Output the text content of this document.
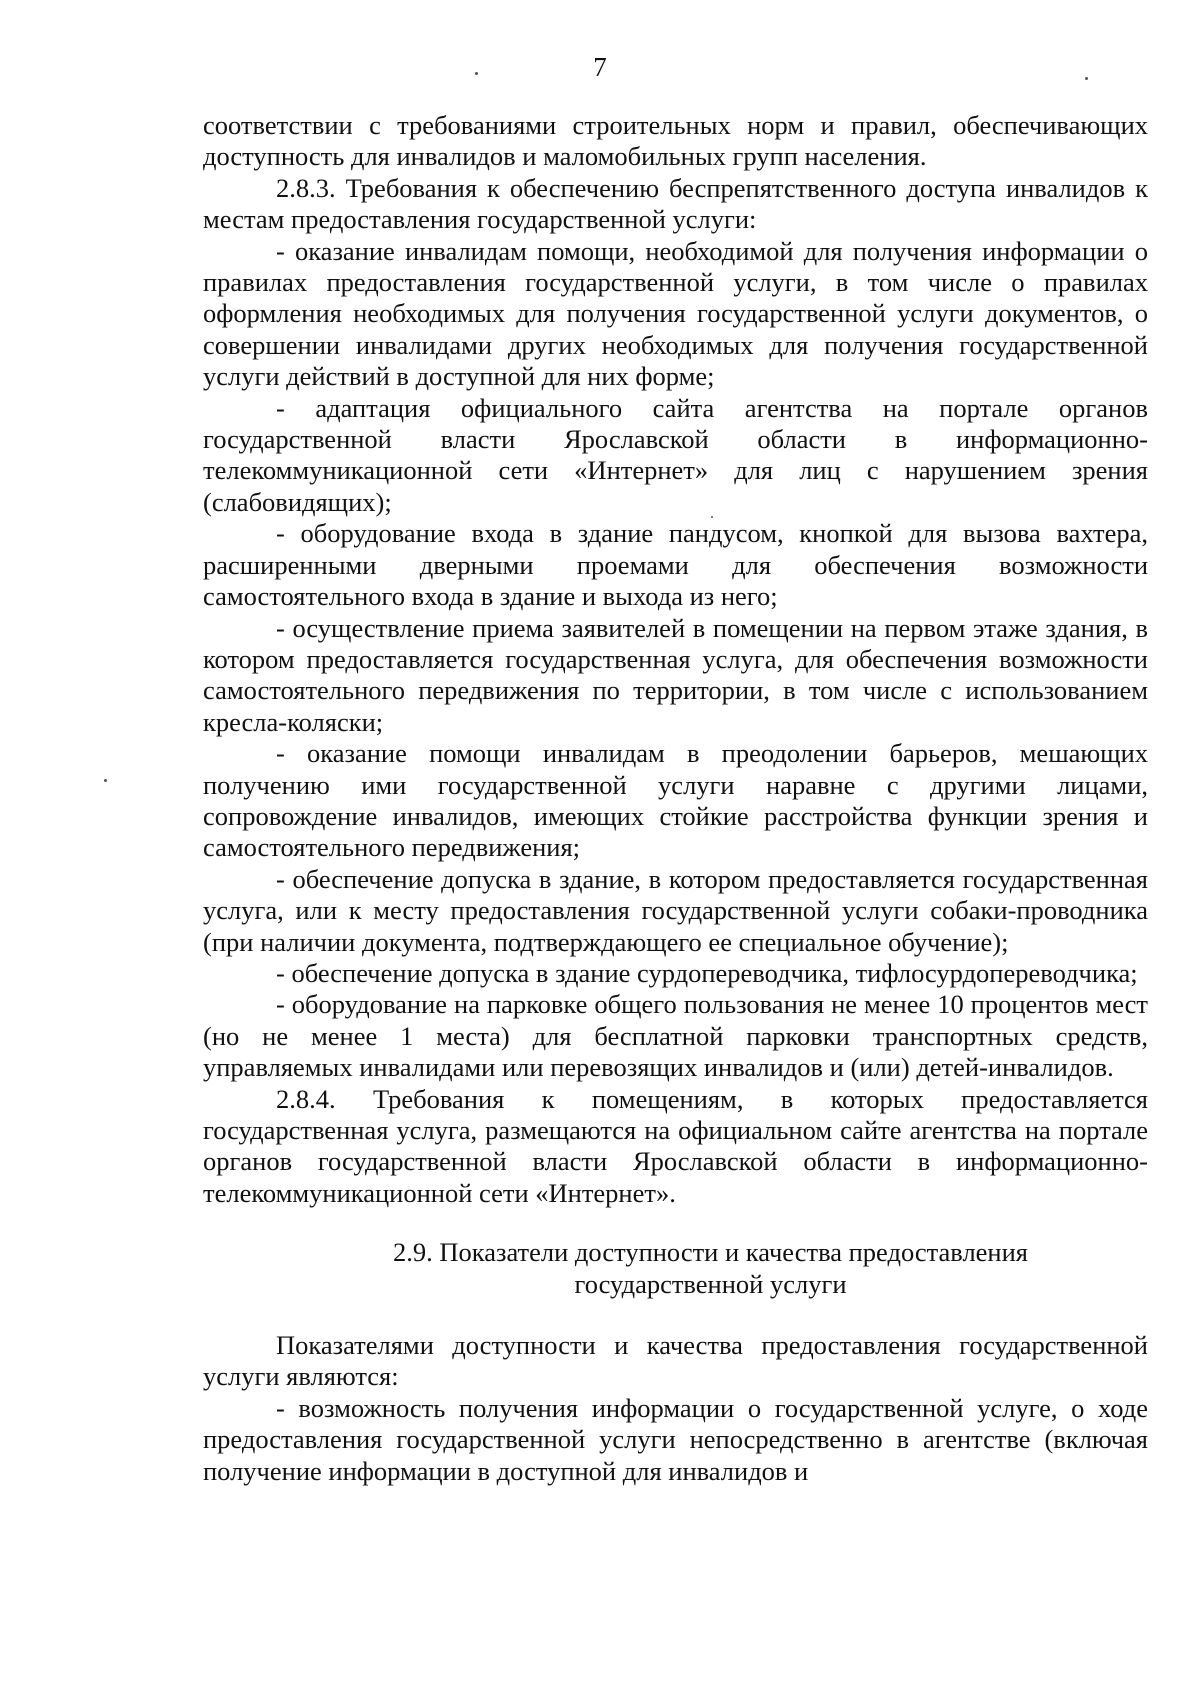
7

соответствии с требованиями строительных норм и правил, обеспечивающих доступность для инвалидов и маломобильных групп населения.

2.8.3. Требования к обеспечению беспрепятственного доступа инвалидов к местам предоставления государственной услуги:

- оказание инвалидам помощи, необходимой для получения информации о правилах предоставления государственной услуги, в том числе о правилах оформления необходимых для получения государственной услуги документов, о совершении инвалидами других необходимых для получения государственной услуги действий в доступной для них форме;

- адаптация официального сайта агентства на портале органов государственной власти Ярославской области в информационно-телекоммуникационной сети «Интернет» для лиц с нарушением зрения (слабовидящих);

- оборудование входа в здание пандусом, кнопкой для вызова вахтера, расширенными дверными проемами для обеспечения возможности самостоятельного входа в здание и выхода из него;

- осуществление приема заявителей в помещении на первом этаже здания, в котором предоставляется государственная услуга, для обеспечения возможности самостоятельного передвижения по территории, в том числе с использованием кресла-коляски;

- оказание помощи инвалидам в преодолении барьеров, мешающих получению ими государственной услуги наравне с другими лицами, сопровождение инвалидов, имеющих стойкие расстройства функции зрения и самостоятельного передвижения;

- обеспечение допуска в здание, в котором предоставляется государственная услуга, или к месту предоставления государственной услуги собаки-проводника (при наличии документа, подтверждающего ее специальное обучение);

- обеспечение допуска в здание сурдопереводчика, тифлосурдопереводчика;

- оборудование на парковке общего пользования не менее 10 процентов мест (но не менее 1 места) для бесплатной парковки транспортных средств, управляемых инвалидами или перевозящих инвалидов и (или) детей-инвалидов.

2.8.4. Требования к помещениям, в которых предоставляется государственная услуга, размещаются на официальном сайте агентства на портале органов государственной власти Ярославской области в информационно-телекоммуникационной сети «Интернет».

2.9. Показатели доступности и качества предоставления
государственной услуги

Показателями доступности и качества предоставления государственной услуги являются:

- возможность получения информации о государственной услуге, о ходе предоставления государственной услуги непосредственно в агентстве (включая получение информации в доступной для инвалидов и
